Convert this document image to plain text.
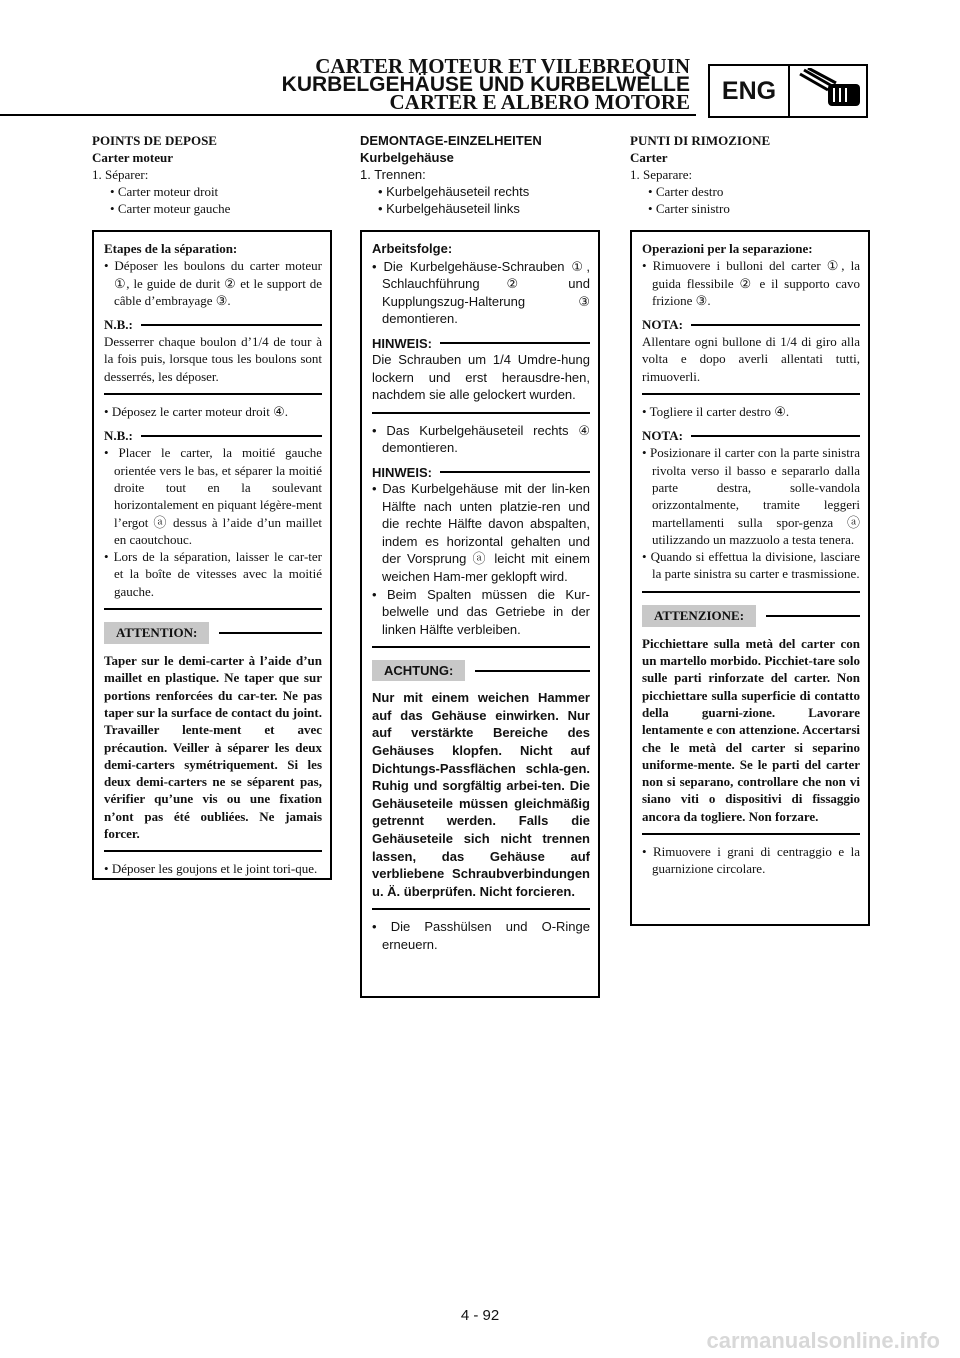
CARTER MOTEUR ET VILEBREQUIN
KURBELGEHÄUSE UND KURBELWELLE
CARTER E ALBERO MOTORE	ENG
POINTS DE DEPOSE
Carter moteur
1. Séparer:
• Carter moteur droit
• Carter moteur gauche
Etapes de la séparation:
• Déposer les boulons du carter moteur ①, le guide de durit ② et le support de câble d’embrayage ③.
N.B.:
Desserrer chaque boulon d’1/4 de tour à la fois puis, lorsque tous les boulons sont desserrés, les déposer.
• Déposez le carter moteur droit ④.
N.B.:
• Placer le carter, la moitié gauche orientée vers le bas, et séparer la moitié droite tout en la soulevant horizontalement en piquant légère-ment l’ergot ⓐ dessus à l’aide d’un maillet en caoutchouc.
• Lors de la séparation, laisser le car-ter et la boîte de vitesses avec la moitié gauche.
ATTENTION:
Taper sur le demi-carter à l’aide d’un maillet en plastique. Ne taper que sur portions renforcées du car-ter. Ne pas taper sur la surface de contact du joint. Travailler lente-ment et avec précaution. Veiller à séparer les deux demi-carters symétriquement. Si les deux demi-carters ne se séparent pas, vérifier qu’une vis ou une fixation n’ont pas été oubliées. Ne jamais forcer.
• Déposer les goujons et le joint tori-que.
DEMONTAGE-EINZELHEITEN
Kurbelgehäuse
1. Trennen:
• Kurbelgehäuseteil rechts
• Kurbelgehäuseteil links
Arbeitsfolge:
• Die Kurbelgehäuse-Schrauben ①, Schlauchführung ② und Kupplungszug-Halterung ③ demontieren.
HINWEIS:
Die Schrauben um 1/4 Umdre-hung lockern und erst herausdre-hen, nachdem sie alle gelockert wurden.
• Das Kurbelgehäuseteil rechts ④ demontieren.
HINWEIS:
• Das Kurbelgehäuse mit der lin-ken Hälfte nach unten platzie-ren und die rechte Hälfte davon abspalten, indem es horizontal gehalten und der Vorsprung ⓐ leicht mit einem weichen Ham-mer geklopft wird.
• Beim Spalten müssen die Kur-belwelle und das Getriebe in der linken Hälfte verbleiben.
ACHTUNG:
Nur mit einem weichen Hammer auf das Gehäuse einwirken. Nur auf verstärkte Bereiche des Gehäuses klopfen. Nicht auf Dichtungs-Passflächen schla-gen. Ruhig und sorgfältig arbei-ten. Die Gehäuseteile müssen gleichmäßig getrennt werden. Falls die Gehäuseteile sich nicht trennen lassen, das Gehäuse auf verbliebene Schraubverbindungen u. Ä. überprüfen. Nicht forcieren.
• Die Passhülsen und O-Ringe erneuern.
PUNTI DI RIMOZIONE
Carter
1. Separare:
• Carter destro
• Carter sinistro
Operazioni per la separazione:
• Rimuovere i bulloni del carter ①, la guida flessibile ② e il supporto cavo frizione ③.
NOTA:
Allentare ogni bullone di 1/4 di giro alla volta e dopo averli allentati tutti, rimuoverli.
• Togliere il carter destro ④.
NOTA:
• Posizionare il carter con la parte sinistra rivolta verso il basso e separarlo dalla parte destra, solle-vandola orizzontalmente, tramite leggeri martellamenti sulla spor-genza ⓐ utilizzando un mazzuolo a testa tenera.
• Quando si effettua la divisione, lasciare la parte sinistra su carter e trasmissione.
ATTENZIONE:
Picchiettare sulla metà del carter con un martello morbido. Picchiet-tare solo sulle parti rinforzate del carter. Non picchiettare sulla superficie di contatto della guarni-zione. Lavorare lentamente e con attenzione. Accertarsi che le metà del carter si separino uniforme-mente. Se le parti del carter non si separano, controllare che non vi siano viti o dispositivi di fissaggio ancora da togliere. Non forzare.
• Rimuovere i grani di centraggio e la guarnizione circolare.
4 - 92
carmanualsonline.info
